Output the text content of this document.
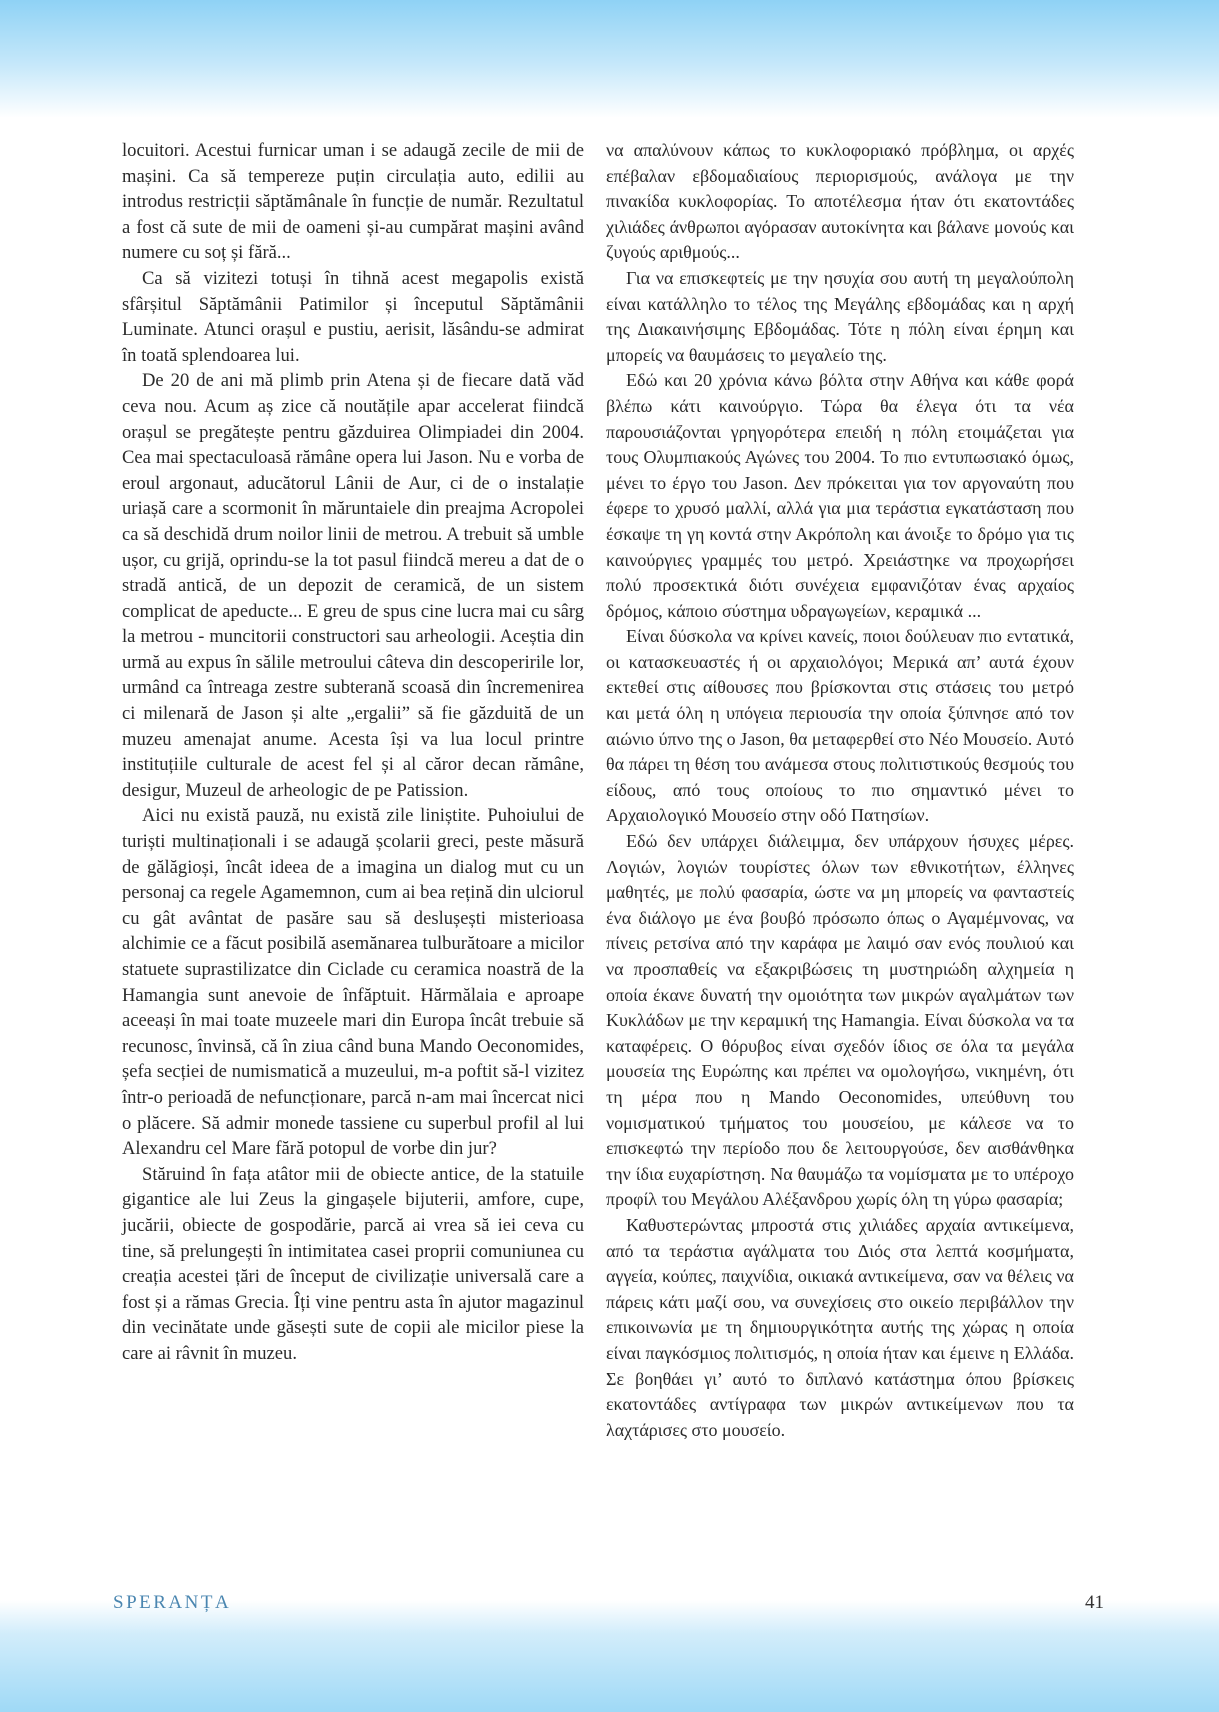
locuitori. Acestui furnicar uman i se adaugă zecile de mii de mașini. Ca să tempereze puțin circulația auto, edilii au introdus restricții săptămânale în funcție de număr. Rezultatul a fost că sute de mii de oameni și-au cumpărat mașini având numere cu soț și fără...

Ca să vizitezi totuși în tihnă acest megapolis există sfârșitul Săptămânii Patimilor și începutul Săptămânii Luminate. Atunci orașul e pustiu, aerisit, lăsându-se admirat în toată splendoarea lui.

De 20 de ani mă plimb prin Atena și de fiecare dată văd ceva nou. Acum aș zice că noutățile apar accelerat fiindcă orașul se pregătește pentru găzduirea Olimpiadei din 2004. Cea mai spectaculoasă rămâne opera lui Jason. Nu e vorba de eroul argonaut, aducătorul Lânii de Aur, ci de o instalație uriașă care a scormonit în măruntaiele din preajma Acropolei ca să deschidă drum noilor linii de metrou. A trebuit să umble ușor, cu grijă, oprindu-se la tot pasul fiindcă mereu a dat de o stradă antică, de un depozit de ceramică, de un sistem complicat de apeducte... E greu de spus cine lucra mai cu sârg la metrou - muncitorii constructori sau arheologii. Aceștia din urmă au expus în sălile metroului câteva din descoperirile lor, urmând ca întreaga zestre subterană scoasă din încremenirea ci milenară de Jason și alte „ergalii” să fie găzduită de un muzeu amenajat anume. Acesta își va lua locul printre instituțiile culturale de acest fel și al căror decan rămâne, desigur, Muzeul de arheologic de pe Patission.

Aici nu există pauză, nu există zile liniștite. Puhoiului de turiști multinaționali i se adaugă școlarii greci, peste măsură de gălăgioși, încât ideea de a imagina un dialog mut cu un personaj ca regele Agamemnon, cum ai bea rețină din ulciorul cu gât avântat de pasăre sau să deslușești misterioasa alchimie ce a făcut posibilă asemănarea tulburătoare a micilor statuete suprastilizatce din Ciclade cu ceramica noastră de la Hamangia sunt anevoie de înfăptuit. Hărmălaia e aproape aceeași în mai toate muzeele mari din Europa încât trebuie să recunosc, învinsă, că în ziua când buna Mando Oeconomides, șefa secției de numismatică a muzeului, m-a poftit să-l vizitez într-o perioadă de nefuncționare, parcă n-am mai încercat nici o plăcere. Să admir monede tassiene cu superbul profil al lui Alexandru cel Mare fără potopul de vorbe din jur?

Stăruind în fața atâtor mii de obiecte antice, de la statuile gigantice ale lui Zeus la gingașele bijuterii, amfore, cupe, jucării, obiecte de gospodărie, parcă ai vrea să iei ceva cu tine, să prelungești în intimitatea casei proprii comuniunea cu creația acestei țări de început de civilizație universală care a fost și a rămas Grecia. Îți vine pentru asta în ajutor magazinul din vecinătate unde găsești sute de copii ale micilor piese la care ai râvnit în muzeu.

να απαλύνουν κάπως το κυκλοφοριακό πρόβλημα, οι αρχές επέβαλαν εβδομαδιαίους περιορισμούς, ανάλογα με την πινακίδα κυκλοφορίας. Το αποτέλεσμα ήταν ότι εκατοντάδες χιλιάδες άνθρωποι αγόρασαν αυτοκίνητα και βάλανε μονούς και ζυγούς αριθμούς...

Για να επισκεφτείς με την ησυχία σου αυτή τη μεγαλούπολη είναι κατάλληλο το τέλος της Μεγάλης εβδομάδας και η αρχή της Διακαινήσιμης Εβδομάδας. Τότε η πόλη είναι έρημη και μπορείς να θαυμάσεις το μεγαλείο της.

Εδώ και 20 χρόνια κάνω βόλτα στην Αθήνα και κάθε φορά βλέπω κάτι καινούργιο. Τώρα θα έλεγα ότι τα νέα παρουσιάζονται γρηγορότερα επειδή η πόλη ετοιμάζεται για τους Ολυμπιακούς Αγώνες του 2004. Το πιο εντυπωσιακό όμως, μένει το έργο του Jason. Δεν πρόκειται για τον αργοναύτη που έφερε το χρυσό μαλλί, αλλά για μια τεράστια εγκατάσταση που έσκαψε τη γη κοντά στην Ακρόπολη και άνοιξε το δρόμο για τις καινούργιες γραμμές του μετρό. Χρειάστηκε να προχωρήσει πολύ προσεκτικά διότι συνέχεια εμφανιζόταν ένας αρχαίος δρόμος, κάποιο σύστημα υδραγωγείων, κεραμικά ...

Είναι δύσκολα να κρίνει κανείς, ποιοι δούλευαν πιο εντατικά, οι κατασκευαστές ή οι αρχαιολόγοι; Μερικά απ’ αυτά έχουν εκτεθεί στις αίθουσες που βρίσκονται στις στάσεις του μετρό και μετά όλη η υπόγεια περιουσία την οποία ξύπνησε από τον αιώνιο ύπνο της ο Jason, θα μεταφερθεί στο Νέο Μουσείο. Αυτό θα πάρει τη θέση του ανάμεσα στους πολιτιστικούς θεσμούς του είδους, από τους οποίους το πιο σημαντικό μένει το Αρχαιολογικό Μουσείο στην οδό Πατησίων.

Εδώ δεν υπάρχει διάλειμμα, δεν υπάρχουν ήσυχες μέρες. Λογιών, λογιών τουρίστες όλων των εθνικοτήτων, έλληνες μαθητές, με πολύ φασαρία, ώστε να μη μπορείς να φανταστείς ένα διάλογο με ένα βουβό πρόσωπο όπως ο Αγαμέμνονας, να πίνεις ρετσίνα από την καράφα με λαιμό σαν ενός πουλιού και να προσπαθείς να εξακριβώσεις τη μυστηριώδη αλχημεία η οποία έκανε δυνατή την ομοιότητα των μικρών αγαλμάτων των Κυκλάδων με την κεραμική της Hamangia. Είναι δύσκολα να τα καταφέρεις. Ο θόρυβος είναι σχεδόν ίδιος σε όλα τα μεγάλα μουσεία της Ευρώπης και πρέπει να ομολογήσω, νικημένη, ότι τη μέρα που η Mando Oeconomides, υπεύθυνη του νομισματικού τμήματος του μουσείου, με κάλεσε να το επισκεφτώ την περίοδο που δε λειτουργούσε, δεν αισθάνθηκα την ίδια ευχαρίστηση. Να θαυμάζω τα νομίσματα με το υπέροχο προφίλ του Μεγάλου Αλέξανδρου χωρίς όλη τη γύρω φασαρία;

Καθυστερώντας μπροστά στις χιλιάδες αρχαία αντικείμενα, από τα τεράστια αγάλματα του Διός στα λεπτά κοσμήματα, αγγεία, κούπες, παιχνίδια, οικιακά αντικείμενα, σαν να θέλεις να πάρεις κάτι μαζί σου, να συνεχίσεις στο οικείο περιβάλλον την επικοινωνία με τη δημιουργικότητα αυτής της χώρας η οποία είναι παγκόσμιος πολιτισμός, η οποία ήταν και έμεινε η Ελλάδα. Σε βοηθάει γι’ αυτό το διπλανό κατάστημα όπου βρίσκεις εκατοντάδες αντίγραφα των μικρών αντικείμενων που τα λαχτάρισες στο μουσείο.

SPERANȚA	41
